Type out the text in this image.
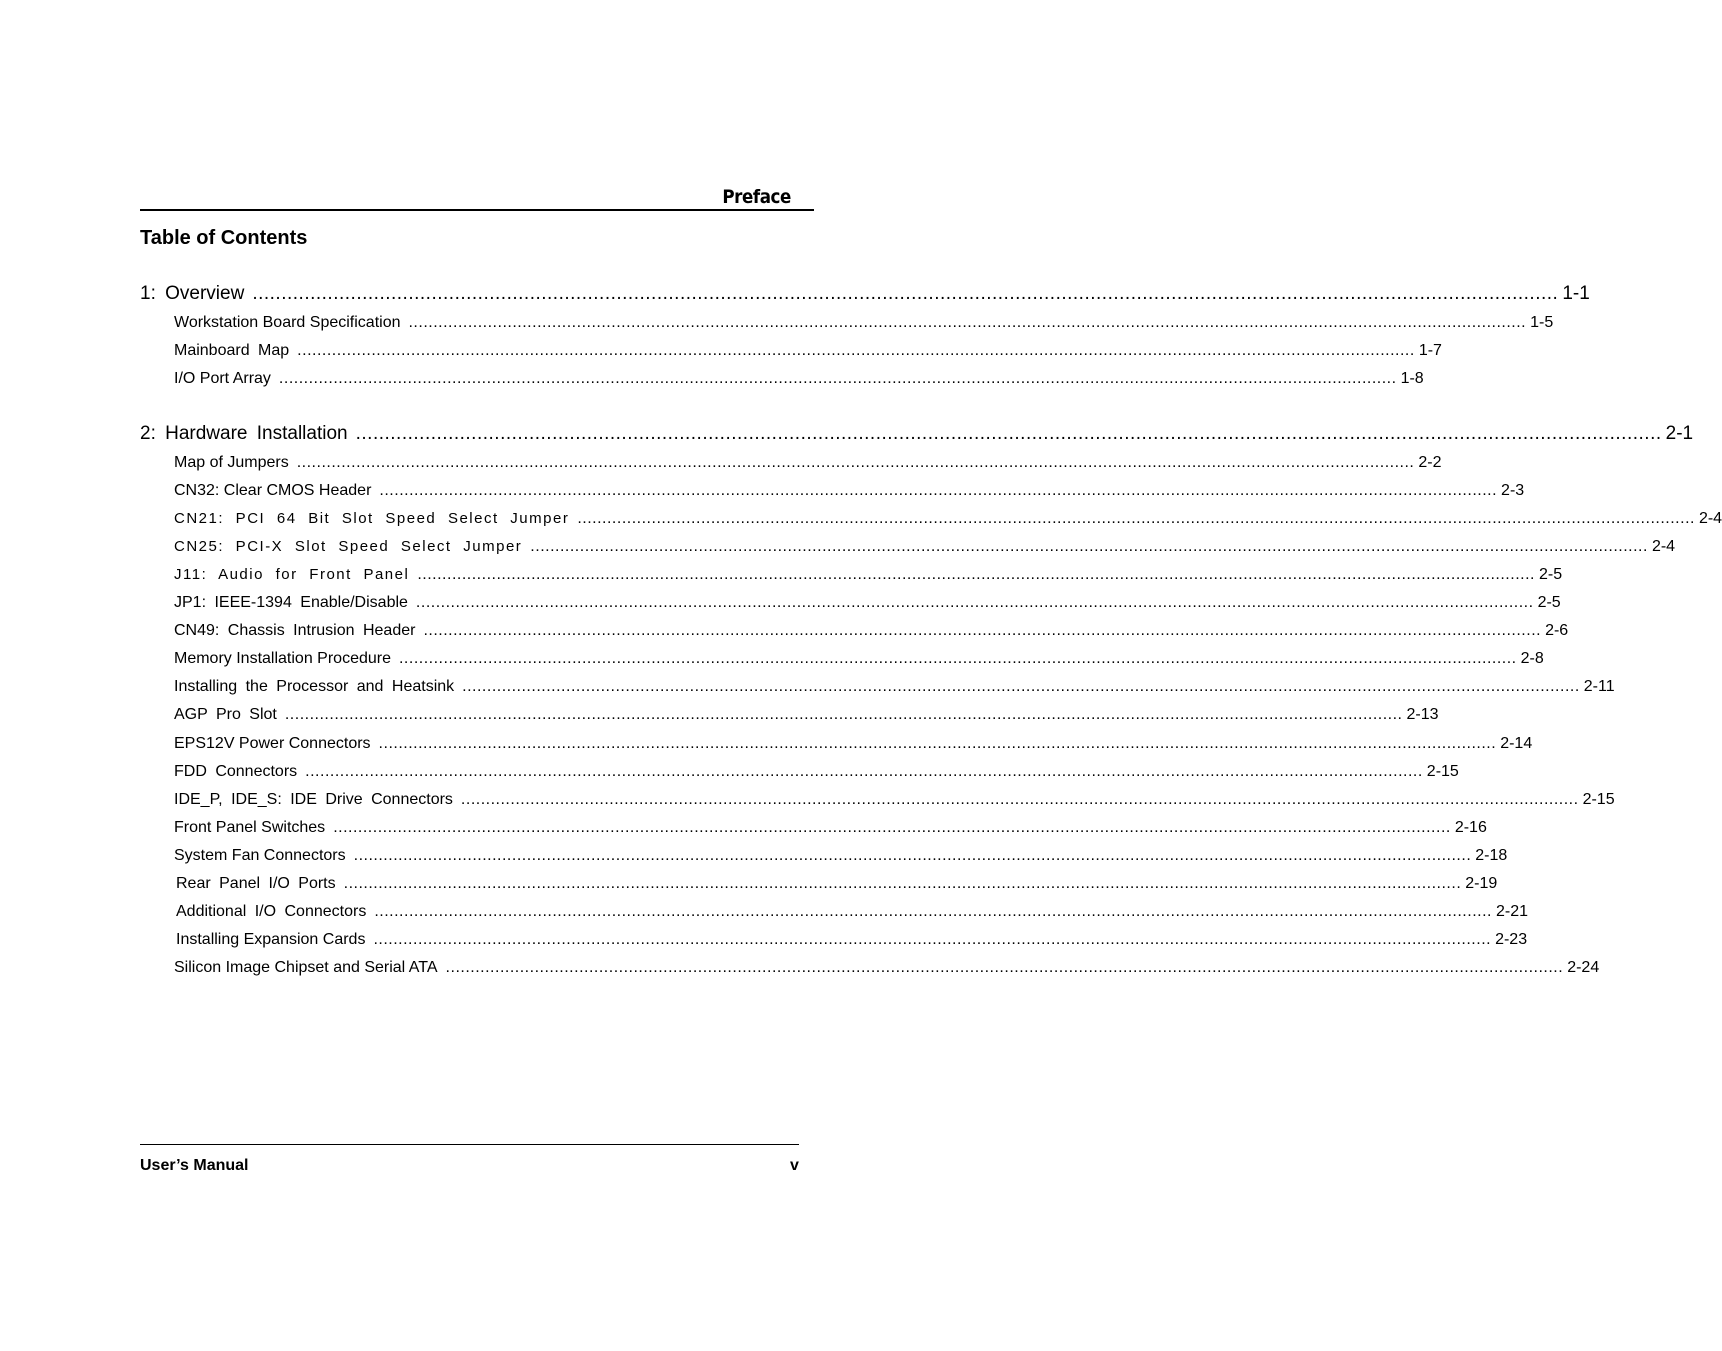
Preface
Table of Contents
1: Overview .................................................................................................................................................................................................................................. 1-1
Workstation Board Specification .................................................................................................................................................................................................................................. 1-5
Mainboard Map .................................................................................................................................................................................................................................. 1-7
I/O Port Array .................................................................................................................................................................................................................................. 1-8
2: Hardware Installation .................................................................................................................................................................................................................................. 2-1
Map of Jumpers .................................................................................................................................................................................................................................. 2-2
CN32: Clear CMOS Header .................................................................................................................................................................................................................................. 2-3
CN21: PCI 64 Bit Slot Speed Select Jumper .................................................................................................................................................................................................................................. 2-4
CN25: PCI-X Slot Speed Select Jumper .................................................................................................................................................................................................................................. 2-4
J11: Audio for Front Panel .................................................................................................................................................................................................................................. 2-5
JP1: IEEE-1394 Enable/Disable .................................................................................................................................................................................................................................. 2-5
CN49: Chassis Intrusion Header .................................................................................................................................................................................................................................. 2-6
Memory Installation Procedure .................................................................................................................................................................................................................................. 2-8
Installing the Processor and Heatsink .................................................................................................................................................................................................................................. 2-11
AGP Pro Slot .................................................................................................................................................................................................................................. 2-13
EPS12V Power Connectors .................................................................................................................................................................................................................................. 2-14
FDD Connectors .................................................................................................................................................................................................................................. 2-15
IDE_P, IDE_S: IDE Drive Connectors .................................................................................................................................................................................................................................. 2-15
Front Panel Switches .................................................................................................................................................................................................................................. 2-16
System Fan Connectors .................................................................................................................................................................................................................................. 2-18
Rear Panel I/O Ports .................................................................................................................................................................................................................................. 2-19
Additional I/O Connectors .................................................................................................................................................................................................................................. 2-21
Installing Expansion Cards .................................................................................................................................................................................................................................. 2-23
Silicon Image Chipset and Serial ATA .................................................................................................................................................................................................................................. 2-24
User’s Manual	v
